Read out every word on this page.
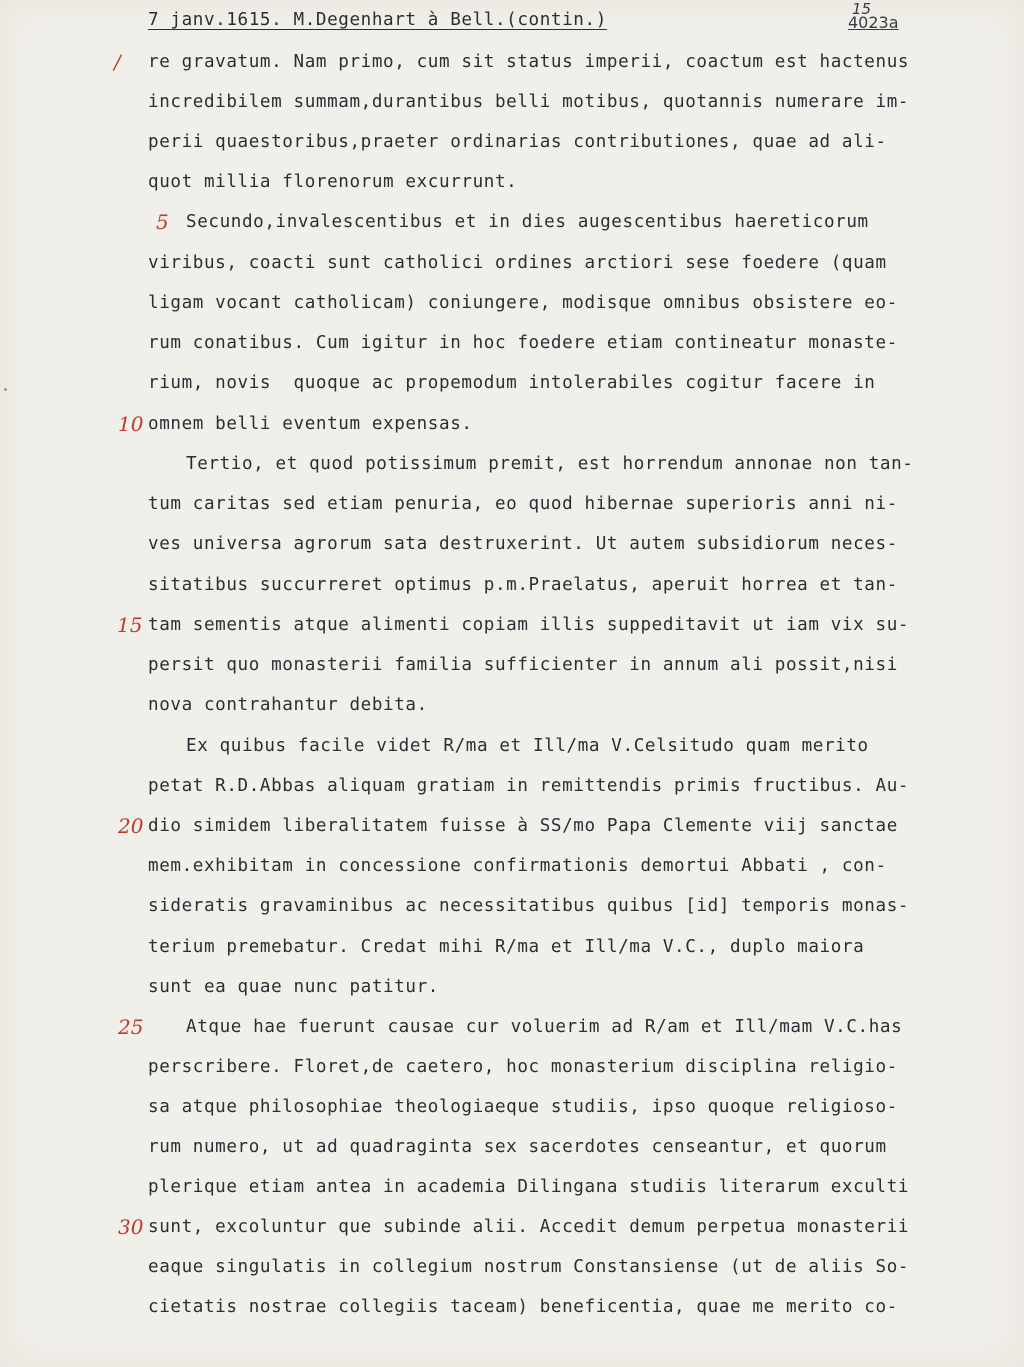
7 janv.1615. M.Degenhart à Bell.(contin.)
15
4023a
/
5
10
15
20
25
30
re gravatum. Nam primo, cum sit status imperii, coactum est hactenus
incredibilem summam,durantibus belli motibus, quotannis numerare im-
perii quaestoribus,praeter ordinarias contributiones, quae ad ali-
quot millia florenorum excurrunt.
Secundo,invalescentibus et in dies augescentibus haereticorum
viribus, coacti sunt catholici ordines arctiori sese foedere (quam
ligam vocant catholicam) coniungere, modisque omnibus obsistere eo-
rum conatibus. Cum igitur in hoc foedere etiam contineatur monaste-
rium, novis  quoque ac propemodum intolerabiles cogitur facere in
omnem belli eventum expensas.
Tertio, et quod potissimum premit, est horrendum annonae non tan-
tum caritas sed etiam penuria, eo quod hibernae superioris anni ni-
ves universa agrorum sata destruxerint. Ut autem subsidiorum neces-
sitatibus succurreret optimus p.m.Praelatus, aperuit horrea et tan-
tam sementis atque alimenti copiam illis suppeditavit ut iam vix su-
persit quo monasterii familia sufficienter in annum ali possit,nisi
nova contrahantur debita.
Ex quibus facile videt R/ma et Ill/ma V.Celsitudo quam merito
petat R.D.Abbas aliquam gratiam in remittendis primis fructibus. Au-
dio simidem liberalitatem fuisse à SS/mo Papa Clemente viij sanctae
mem.exhibitam in concessione confirmationis demortui Abbati , con-
sideratis gravaminibus ac necessitatibus quibus [id] temporis monas-
terium premebatur. Credat mihi R/ma et Ill/ma V.C., duplo maiora
sunt ea quae nunc patitur.
Atque hae fuerunt causae cur voluerim ad R/am et Ill/mam V.C.has
perscribere. Floret,de caetero, hoc monasterium disciplina religio-
sa atque philosophiae theologiaeque studiis, ipso quoque religioso-
rum numero, ut ad quadraginta sex sacerdotes censeantur, et quorum
plerique etiam antea in academia Dilingana studiis literarum exculti
sunt, excoluntur que subinde alii. Accedit demum perpetua monasterii
eaque singulatis in collegium nostrum Constansiense (ut de aliis So-
cietatis nostrae collegiis taceam) beneficentia, quae me merito co-
